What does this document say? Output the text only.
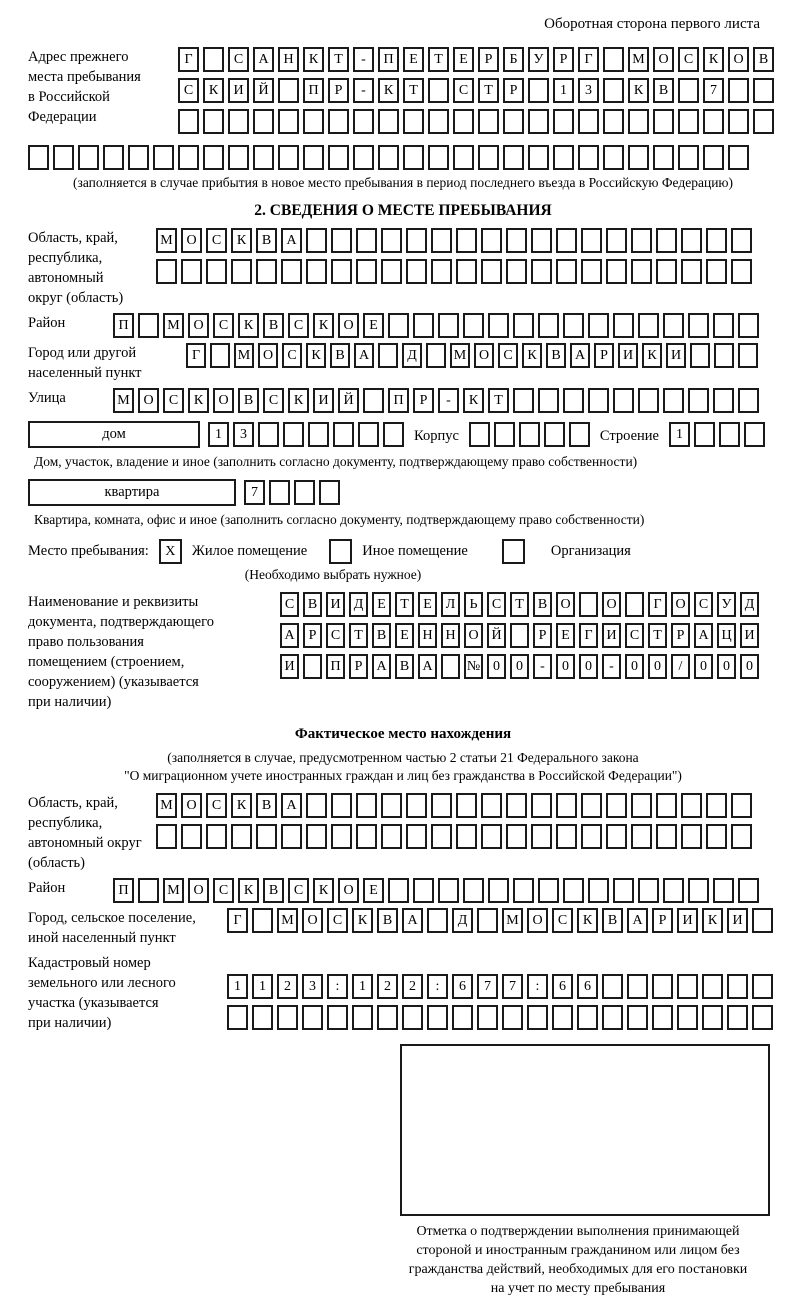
Оборотная сторона первого листа
Адрес прежнего
места пребывания
в Российской
Федерации
Г	С	А	Н	К	Т	-	П	Е	Т	Е	Р	Б	У	Р	Г	М О	С	К	О	В
С	К	И	Й	П	Р	-	К	Т	С	Т	Р	1	3	К	В	7
(заполняется в случае прибытия в новое место пребывания в период последнего въезда в Российскую Федерацию)
2. СВЕДЕНИЯ О МЕСТЕ ПРЕБЫВАНИЯ
Область, край,
республика,
автономный
округ (область)
М О	С	К	В	А
Район	П	М О	С	К	В	С	К	О	Е
Город или другой
населенный пункт
Г	М О	С	К	В	А	Д	М О	С	К	В	А	Р	И	К	И
Улица	М О	С	К	О	В	С	К	И	Й	П	Р	-	К	Т
дом	1	3	Корпус	Строение	1
Дом, участок, владение и иное (заполнить согласно документу, подтверждающему право собственности)
квартира	7
Квартира, комната, офис и иное (заполнить согласно документу, подтверждающему право собственности)
Место пребывания:	X	Жилое помещение	Иное помещение	Организация
(Необходимо выбрать нужное)
Наименование и реквизиты
документа, подтверждающего
право пользования
помещением (строением,
сооружением) (указывается
при наличии)
С В И Д Е	Т	Е Л	Ь	С	Т	В О	О	Г О С У Д
А	Р	С	Т	В	Е Н Н О Й	Р	Е	Г И С	Т	Р	А Ц И
И	П	Р	А В А	№ 0	0	-	0	0	-	0	0	/	0	0	0
Фактическое место нахождения
(заполняется в случае, предусмотренном частью 2 статьи 21 Федерального закона
"О миграционном учете иностранных граждан и лиц без гражданства в Российской Федерации")
Область, край,
республика,
автономный округ
(область)
М О	С	К	В	А
Район	П	М О	С	К	В	С	К	О	Е
Город, сельское поселение,
иной населенный пункт
Г	М О	С	К	В	А	Д	М О	С	К	В	А	Р	И	К	И
Кадастровый номер
земельного или лесного
участка (указывается
при наличии)
1	1	2	3	:	1	2	2	:	6	7	7	:	6	6
Отметка о подтверждении выполнения принимающей
стороной и иностранным гражданином или лицом без
гражданства действий, необходимых для его постановки
на учет по месту пребывания
